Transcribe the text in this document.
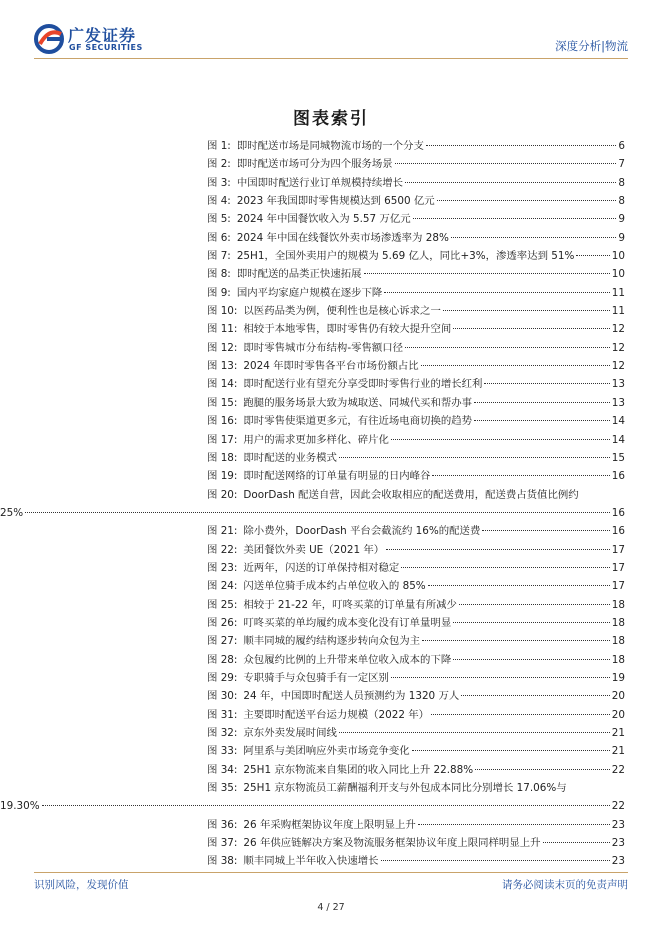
广发证券
GF SECURITIES	深度分析|物流
图表索引
图 1: 即时配送市场是同城物流市场的一个分支	6
图 2: 即时配送市场可分为四个服务场景	7
图 3: 中国即时配送行业订单规模持续增长	8
图 4: 2023 年我国即时零售规模达到 6500 亿元	8
图 5: 2024 年中国餐饮收入为 5.57 万亿元	9
图 6: 2024 年中国在线餐饮外卖市场渗透率为 28%	9
图 7: 25H1，全国外卖用户的规模为 5.69 亿人，同比+3%，渗透率达到 51%	10
图 8: 即时配送的品类正快速拓展	10
图 9: 国内平均家庭户规模在逐步下降	11
图 10: 以医药品类为例，便利性也是核心诉求之一	11
图 11: 相较于本地零售，即时零售仍有较大提升空间	12
图 12: 即时零售城市分布结构-零售额口径	12
图 13: 2024 年即时零售各平台市场份额占比	12
图 14: 即时配送行业有望充分享受即时零售行业的增长红利	13
图 15: 跑腿的服务场景大致为城取送、同城代买和帮办事	13
图 16: 即时零售使渠道更多元，有往近场电商切换的趋势	14
图 17: 用户的需求更加多样化、碎片化	14
图 18: 即时配送的业务模式	15
图 19: 即时配送网络的订单量有明显的日内峰谷	16
图 20: DoorDash 配送自营，因此会收取相应的配送费用，配送费占货值比例约
25%	16
图 21: 除小费外，DoorDash 平台会截流约 16%的配送费	16
图 22: 美团餐饮外卖 UE（2021 年）	17
图 23: 近两年，闪送的订单保持相对稳定	17
图 24: 闪送单位骑手成本约占单位收入的 85%	17
图 25: 相较于 21-22 年，叮咚买菜的订单量有所减少	18
图 26: 叮咚买菜的单均履约成本变化没有订单量明显	18
图 27: 顺丰同城的履约结构逐步转向众包为主	18
图 28: 众包履约比例的上升带来单位收入成本的下降	18
图 29: 专职骑手与众包骑手有一定区别	19
图 30: 24 年，中国即时配送人员预测约为 1320 万人	20
图 31: 主要即时配送平台运力规模（2022 年）	20
图 32: 京东外卖发展时间线	21
图 33: 阿里系与美团响应外卖市场竞争变化	21
图 34: 25H1 京东物流来自集团的收入同比上升 22.88%	22
图 35: 25H1 京东物流员工薪酬福利开支与外包成本同比分别增长 17.06%与
19.30%	22
图 36: 26 年采购框架协议年度上限明显上升	23
图 37: 26 年供应链解决方案及物流服务框架协议年度上限同样明显上升	23
图 38: 顺丰同城上半年收入快速增长	23
识别风险，发现价值	请务必阅读末页的免责声明
4 / 27
